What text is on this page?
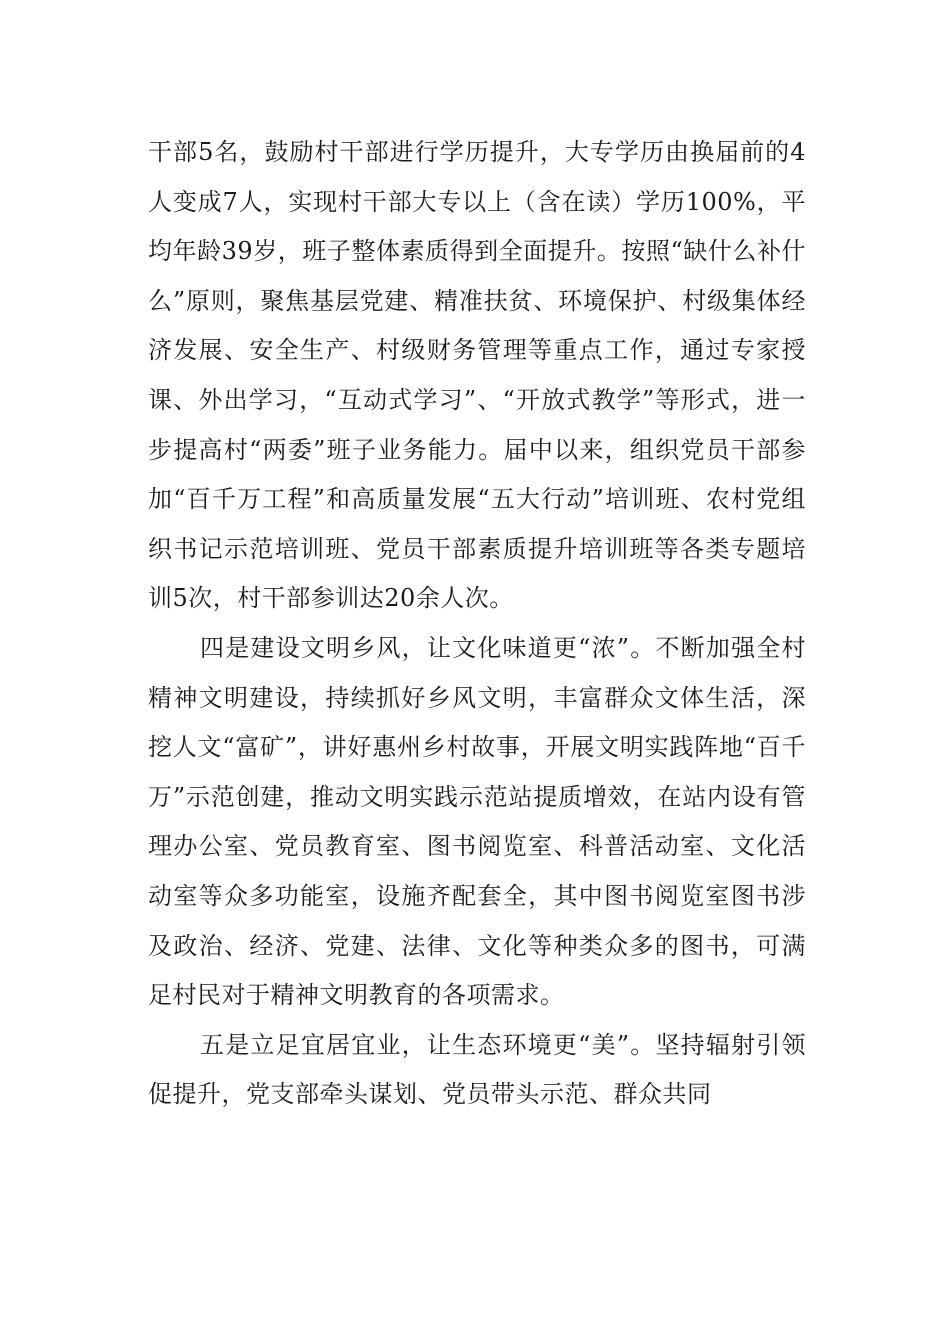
干部5名，鼓励村干部进行学历提升，大专学历由换届前的4人变成7人，实现村干部大专以上（含在读）学历100%，平均年龄39岁，班子整体素质得到全面提升。按照“缺什么补什么”原则，聚焦基层党建、精准扶贫、环境保护、村级集体经济发展、安全生产、村级财务管理等重点工作，通过专家授课、外出学习，“互动式学习”、“开放式教学”等形式，进一步提高村“两委”班子业务能力。届中以来，组织党员干部参加“百千万工程”和高质量发展“五大行动”培训班、农村党组织书记示范培训班、党员干部素质提升培训班等各类专题培训5次，村干部参训达20余人次。

四是建设文明乡风，让文化味道更“浓”。不断加强全村精神文明建设，持续抓好乡风文明，丰富群众文体生活，深挖人文“富矿”，讲好惠州乡村故事，开展文明实践阵地“百千万”示范创建，推动文明实践示范站提质增效，在站内设有管理办公室、党员教育室、图书阅览室、科普活动室、文化活动室等众多功能室，设施齐配套全，其中图书阅览室图书涉及政治、经济、党建、法律、文化等种类众多的图书，可满足村民对于精神文明教育的各项需求。

五是立足宜居宜业，让生态环境更“美”。坚持辐射引领促提升，党支部牵头谋划、党员带头示范、群众共同
